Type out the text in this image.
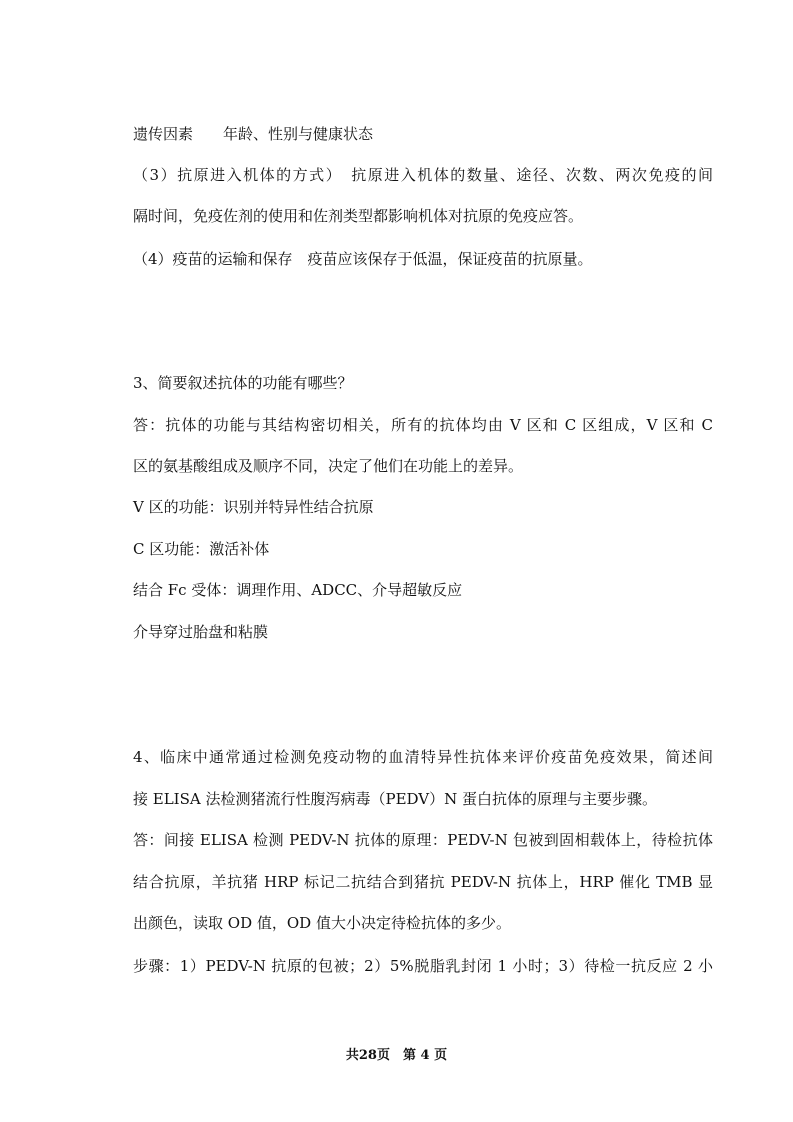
遗传因素　　年龄、性别与健康状态
（3）抗原进入机体的方式）　抗原进入机体的数量、途径、次数、两次免疫的间
隔时间，免疫佐剂的使用和佐剂类型都影响机体对抗原的免疫应答。
（4）疫苗的运输和保存　疫苗应该保存于低温，保证疫苗的抗原量。
3、简要叙述抗体的功能有哪些？
答：抗体的功能与其结构密切相关，所有的抗体均由 V 区和 C 区组成，V 区和 C
区的氨基酸组成及顺序不同，决定了他们在功能上的差异。
V 区的功能：识别并特异性结合抗原
C 区功能：激活补体
结合 Fc 受体：调理作用、ADCC、介导超敏反应
介导穿过胎盘和粘膜
4、临床中通常通过检测免疫动物的血清特异性抗体来评价疫苗免疫效果，简述间
接 ELISA 法检测猪流行性腹泻病毒（PEDV）N 蛋白抗体的原理与主要步骤。
答：间接 ELISA 检测 PEDV-N 抗体的原理：PEDV-N 包被到固相载体上，待检抗体
结合抗原，羊抗猪 HRP 标记二抗结合到猪抗 PEDV-N 抗体上，HRP 催化 TMB 显
出颜色，读取 OD 值，OD 值大小决定待检抗体的多少。
步骤：1）PEDV-N 抗原的包被；2）5%脱脂乳封闭 1 小时；3）待检一抗反应 2 小
共28页　第 4 页
